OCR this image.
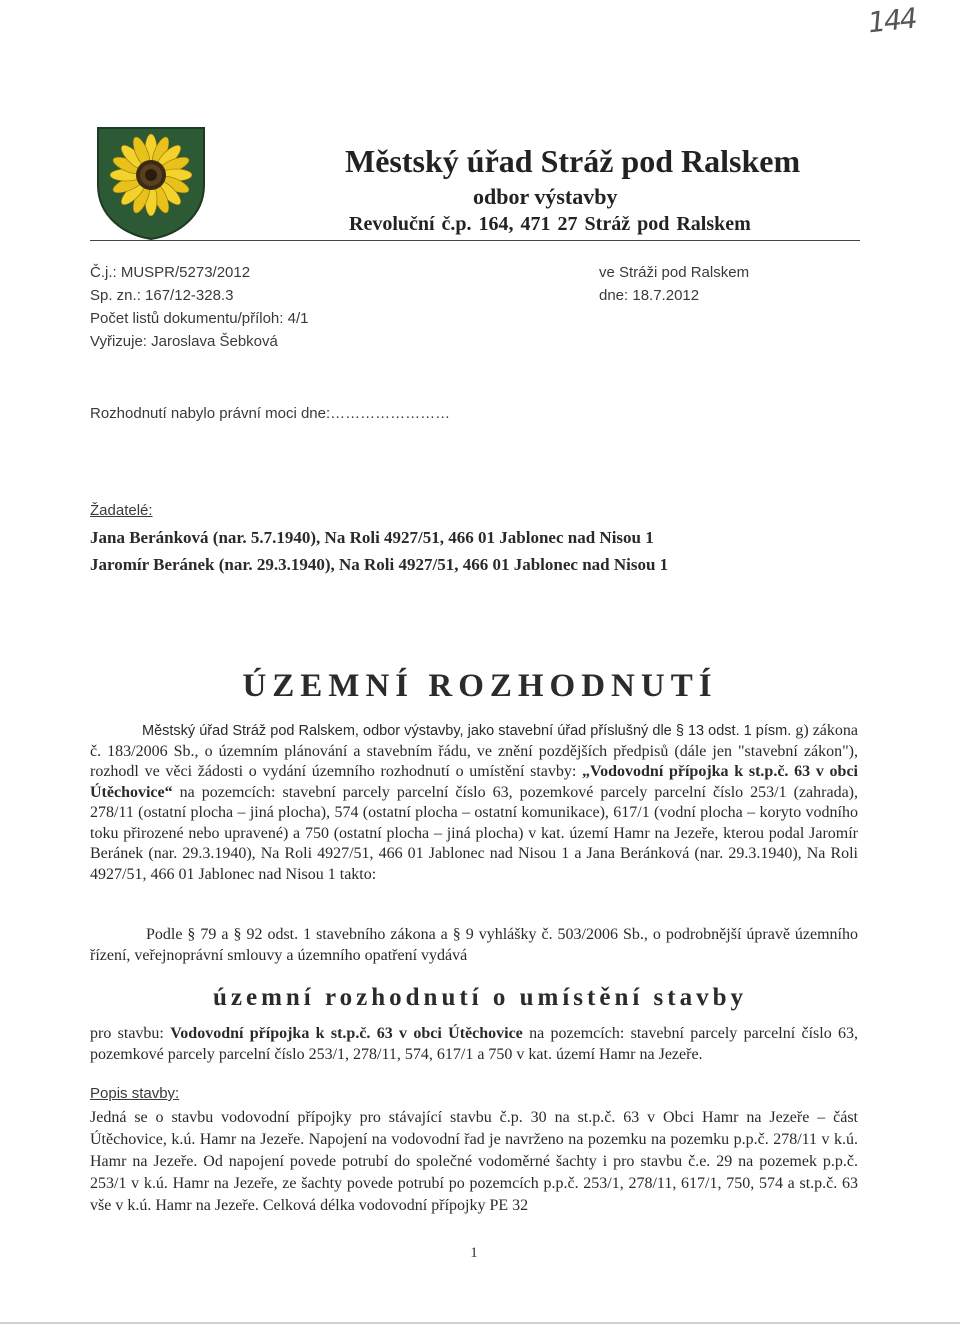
144
Městský úřad Stráž pod Ralskem
odbor výstavby
Revoluční č.p. 164, 471 27 Stráž pod Ralskem
Č.j.: MUSPR/5273/2012
Sp. zn.: 167/12-328.3
Počet listů dokumentu/příloh: 4/1
Vyřizuje: Jaroslava Šebková
ve Stráži pod Ralskem
dne: 18.7.2012
Rozhodnutí nabylo právní moci dne:……………………
Žadatelé:
Jana Beránková (nar. 5.7.1940), Na Roli 4927/51, 466 01 Jablonec nad Nisou 1
Jaromír Beránek (nar. 29.3.1940), Na Roli 4927/51, 466 01 Jablonec nad Nisou 1
ÚZEMNÍ ROZHODNUTÍ
Městský úřad Stráž pod Ralskem, odbor výstavby, jako stavební úřad příslušný dle § 13 odst. 1 písm. g) zákona č. 183/2006 Sb., o územním plánování a stavebním řádu, ve znění pozdějších předpisů (dále jen "stavební zákon"), rozhodl ve věci žádosti o vydání územního rozhodnutí o umístění stavby: „Vodovodní přípojka k st.p.č. 63 v obci Útěchovice“ na pozemcích: stavební parcely parcelní číslo 63, pozemkové parcely parcelní číslo 253/1 (zahrada), 278/11 (ostatní plocha – jiná plocha), 574 (ostatní plocha – ostatní komunikace), 617/1 (vodní plocha – koryto vodního toku přirozené nebo upravené) a 750 (ostatní plocha – jiná plocha) v kat. území Hamr na Jezeře, kterou podal Jaromír Beránek (nar. 29.3.1940), Na Roli 4927/51, 466 01 Jablonec nad Nisou 1 a Jana Beránková (nar. 29.3.1940), Na Roli 4927/51, 466 01 Jablonec nad Nisou 1 takto:
Podle § 79 a § 92 odst. 1 stavebního zákona a § 9 vyhlášky č. 503/2006 Sb., o podrobnější úpravě územního řízení, veřejnoprávní smlouvy a územního opatření vydává
územní rozhodnutí o umístění stavby
pro stavbu: Vodovodní přípojka k st.p.č. 63 v obci Útěchovice na pozemcích: stavební parcely parcelní číslo 63, pozemkové parcely parcelní číslo 253/1, 278/11, 574, 617/1 a 750 v kat. území Hamr na Jezeře.
Popis stavby:
Jedná se o stavbu vodovodní přípojky pro stávající stavbu č.p. 30 na st.p.č. 63 v Obci Hamr na Jezeře – část Útěchovice, k.ú. Hamr na Jezeře. Napojení na vodovodní řad je navrženo na pozemku na pozemku p.p.č. 278/11 v k.ú. Hamr na Jezeře. Od napojení povede potrubí do společné vodoměrné šachty i pro stavbu č.e. 29 na pozemek p.p.č. 253/1 v k.ú. Hamr na Jezeře, ze šachty povede potrubí po pozemcích p.p.č. 253/1, 278/11, 617/1, 750, 574 a st.p.č. 63 vše v k.ú. Hamr na Jezeře. Celková délka vodovodní přípojky PE 32
1
